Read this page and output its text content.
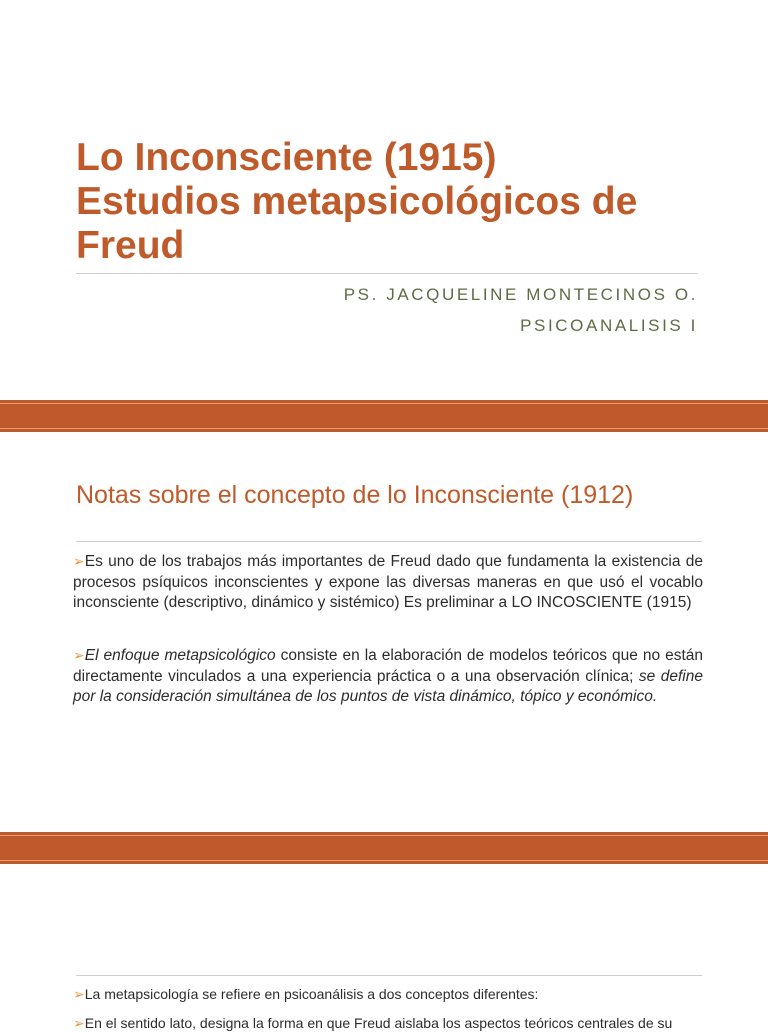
Lo Inconsciente (1915)
Estudios metapsicológicos de
Freud

PS. JACQUELINE MONTECINOS O.

PSICOANALISIS I

Notas sobre el concepto de lo Inconsciente (1912)

➢Es uno de los trabajos más importantes de Freud dado que fundamenta la existencia de procesos psíquicos inconscientes y expone las diversas maneras en que usó el vocablo inconsciente (descriptivo, dinámico y sistémico) Es preliminar a LO INCOSCIENTE (1915)

➢El enfoque metapsicológico consiste en la elaboración de modelos teóricos que no están directamente vinculados a una experiencia práctica o a una observación clínica; se define por la consideración simultánea de los puntos de vista dinámico, tópico y económico.

➢La metapsicología se refiere en psicoanálisis a dos conceptos diferentes:

➢En el sentido lato, designa la forma en que Freud aislaba los aspectos teóricos centrales de su
